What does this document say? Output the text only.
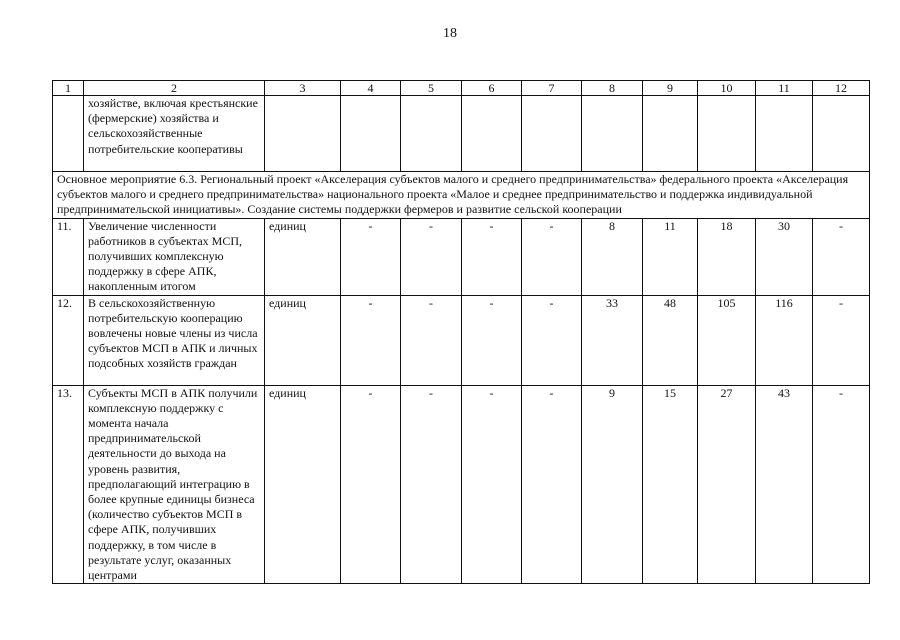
18
1	2	3	4	5	6	7	8	9	10	11	12
	хозяйстве, включая крестьянские (фермерские) хозяйства и сельскохозяйственные потребительские кооперативы										
Основное мероприятие 6.3. Региональный проект «Акселерация субъектов малого и среднего предпринимательства» федерального проекта «Акселерация субъектов малого и среднего предпринимательства» национального проекта «Малое и среднее предпринимательство и поддержка индивидуальной предпринимательской инициативы». Создание системы поддержки фермеров и развитие сельской кооперации											
11.	Увеличение численности работников в субъектах МСП, получивших комплексную поддержку в сфере АПК, накопленным итогом	единиц	-	-	-	-	8	11	18	30	-
12.	В сельскохозяйственную потребительскую кооперацию вовлечены новые члены из числа субъектов МСП в АПК и личных подсобных хозяйств граждан	единиц	-	-	-	-	33	48	105	116	-
13.	Субъекты МСП в АПК получили комплексную поддержку с момента начала предпринимательской деятельности до выхода на уровень развития, предполагающий интеграцию в более крупные единицы бизнеса (количество субъектов МСП в сфере АПК, получивших поддержку, в том числе в результате услуг, оказанных центрами	единиц	-	-	-	-	9	15	27	43	-
